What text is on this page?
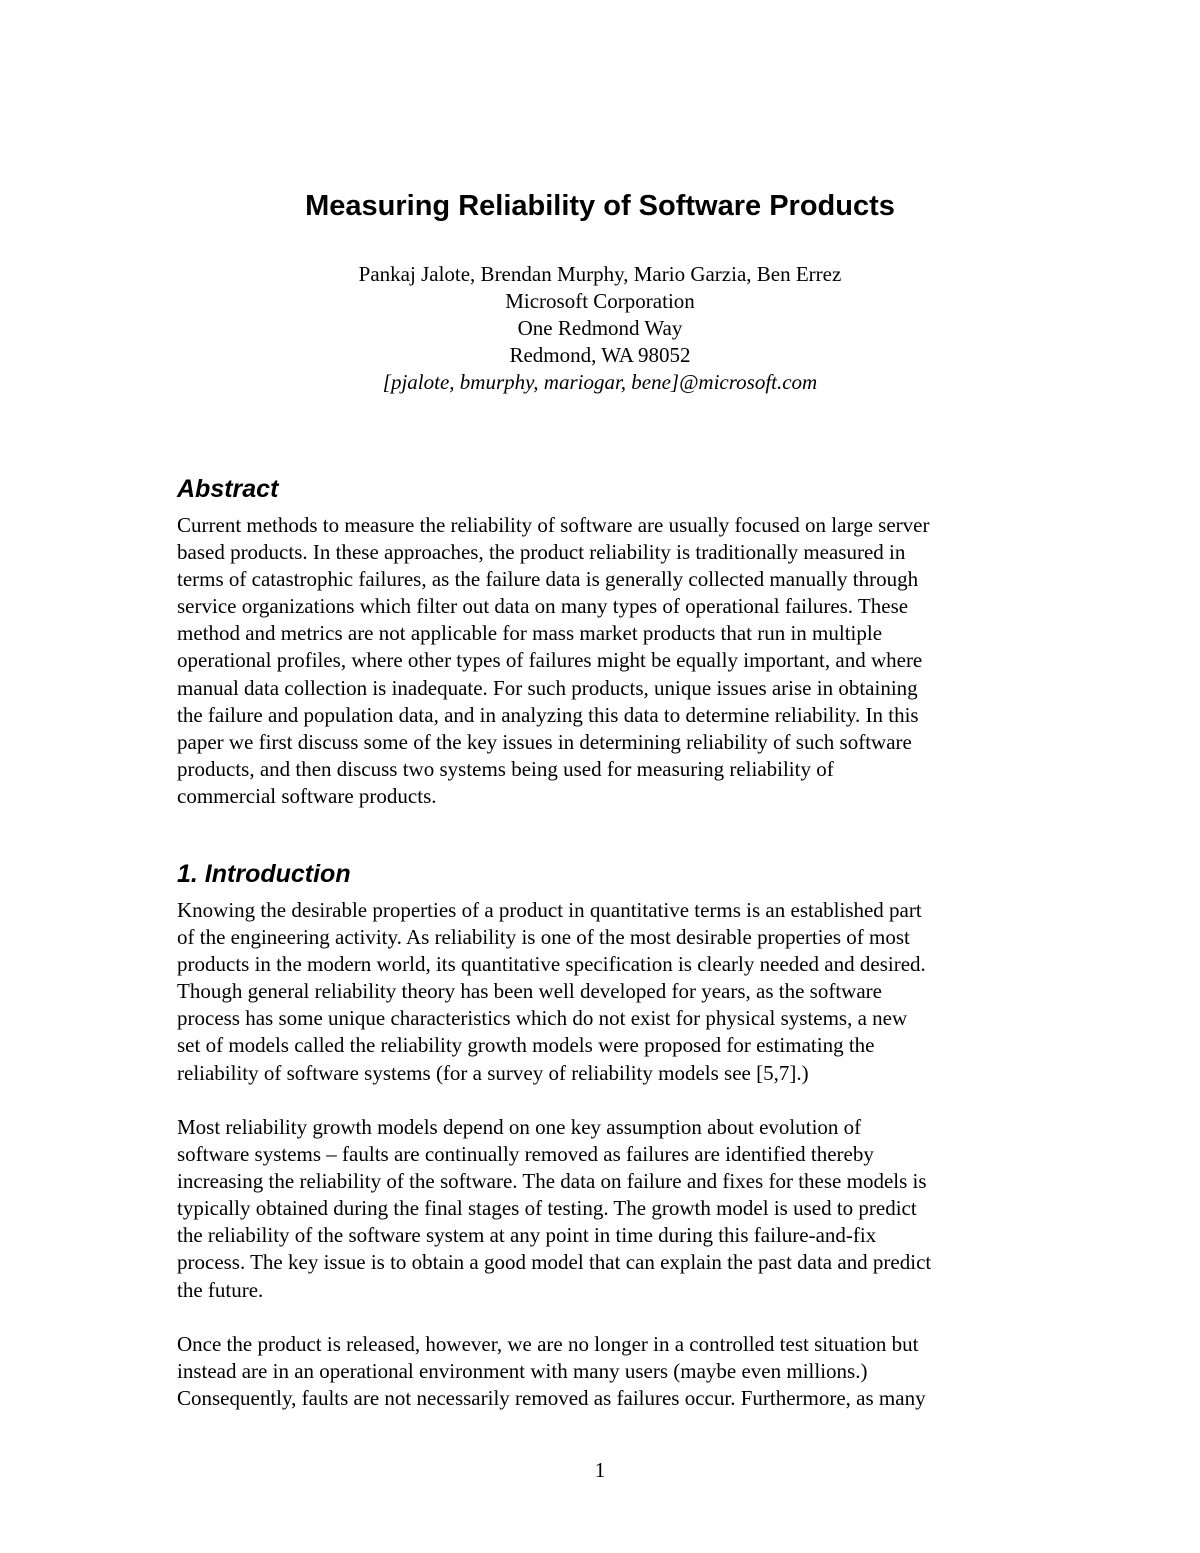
Measuring Reliability of Software Products
Pankaj Jalote, Brendan Murphy, Mario Garzia, Ben Errez
Microsoft Corporation
One Redmond Way
Redmond, WA 98052
[pjalote, bmurphy, mariogar, bene]@microsoft.com
Abstract

Current methods to measure the reliability of software are usually focused on large server
based products. In these approaches, the product reliability is traditionally measured in
terms of catastrophic failures, as the failure data is generally collected manually through
service organizations which filter out data on many types of operational failures. These
method and metrics are not applicable for mass market products that run in multiple
operational profiles, where other types of failures might be equally important, and where
manual data collection is inadequate. For such products, unique issues arise in obtaining
the failure and population data, and in analyzing this data to determine reliability. In this
paper we first discuss some of the key issues in determining reliability of such software
products, and then discuss two systems being used for measuring reliability of
commercial software products.

1. Introduction

Knowing the desirable properties of a product in quantitative terms is an established part
of the engineering activity. As reliability is one of the most desirable properties of most
products in the modern world, its quantitative specification is clearly needed and desired.
Though general reliability theory has been well developed for years, as the software
process has some unique characteristics which do not exist for physical systems, a new
set of models called the reliability growth models were proposed for estimating the
reliability of software systems (for a survey of reliability models see [5,7].)

Most reliability growth models depend on one key assumption about evolution of
software systems – faults are continually removed as failures are identified thereby
increasing the reliability of the software. The data on failure and fixes for these models is
typically obtained during the final stages of testing. The growth model is used to predict
the reliability of the software system at any point in time during this failure-and-fix
process. The key issue is to obtain a good model that can explain the past data and predict
the future.

Once the product is released, however, we are no longer in a controlled test situation but
instead are in an operational environment with many users (maybe even millions.)
Consequently, faults are not necessarily removed as failures occur. Furthermore, as many

1
